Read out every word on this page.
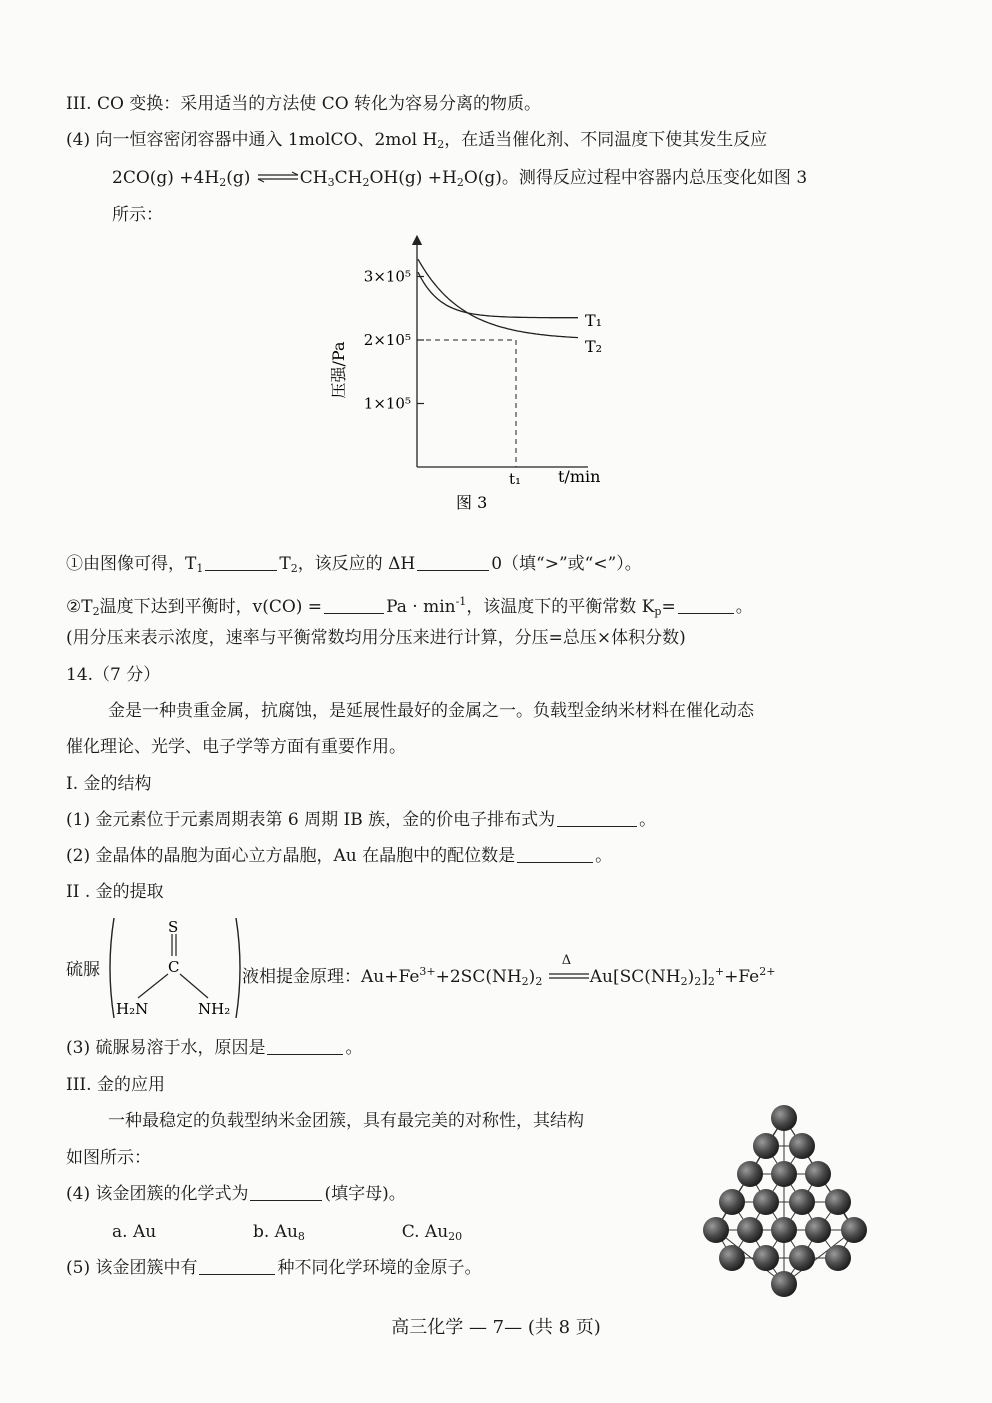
III. CO 变换：采用适当的方法使 CO 转化为容易分离的物质。
(4) 向一恒容密闭容器中通入 1molCO、2mol $H_2$，在适当催化剂、不同温度下使其发生反应
$2CO(g) +4H_2(g)$ $\rightleftharpoons CH_3CH_2OH(g) +H_2O(g)$。测得反应过程中容器内总压变化如图 3
所示：
3×10⁵
2×10⁵
1×10⁵
压强/Pa
t/min
t₁
T₁
T₂
图 3
①由图像可得，$T_1$	$T_2$，该反应的 ΔH	0（填“>”或“<”）。
$②T_2$温度下达到平衡时，v(CO) =	$Pa \cdot \min^{-1}$，该温度下的平衡常数 $K_p=$	。
(用分压来表示浓度，速率与平衡常数均用分压来进行计算，分压=总压×体积分数)
14.（7 分）
金是一种贵重金属，抗腐蚀，是延展性最好的金属之一。负载型金纳米材料在催化动态
催化理论、光学、电子学等方面有重要作用。
I. 金的结构
(1) 金元素位于元素周期表第 6 周期 IB 族，金的价电子排布式为	。
(2) 金晶体的晶胞为面心立方晶胞，Au 在晶胞中的配位数是	。
II . 金的提取
硫脲
S
C
H₂N	NH₂
液相提金原理：$Au+Fe^{3+}+2SC(NH_2)_2$
Δ
$Au[SC(NH_2)_2]_2^++Fe^{2+}$
(3) 硫脲易溶于水，原因是	。
III. 金的应用
一种最稳定的负载型纳米金团簇，具有最完美的对称性，其结构
如图所示：
(4) 该金团簇的化学式为	(填字母)。
a. Au	b. $Au_8$	C. $Au_{20}$
(5) 该金团簇中有	种不同化学环境的金原子。
高三化学 — 7— (共 8 页)
